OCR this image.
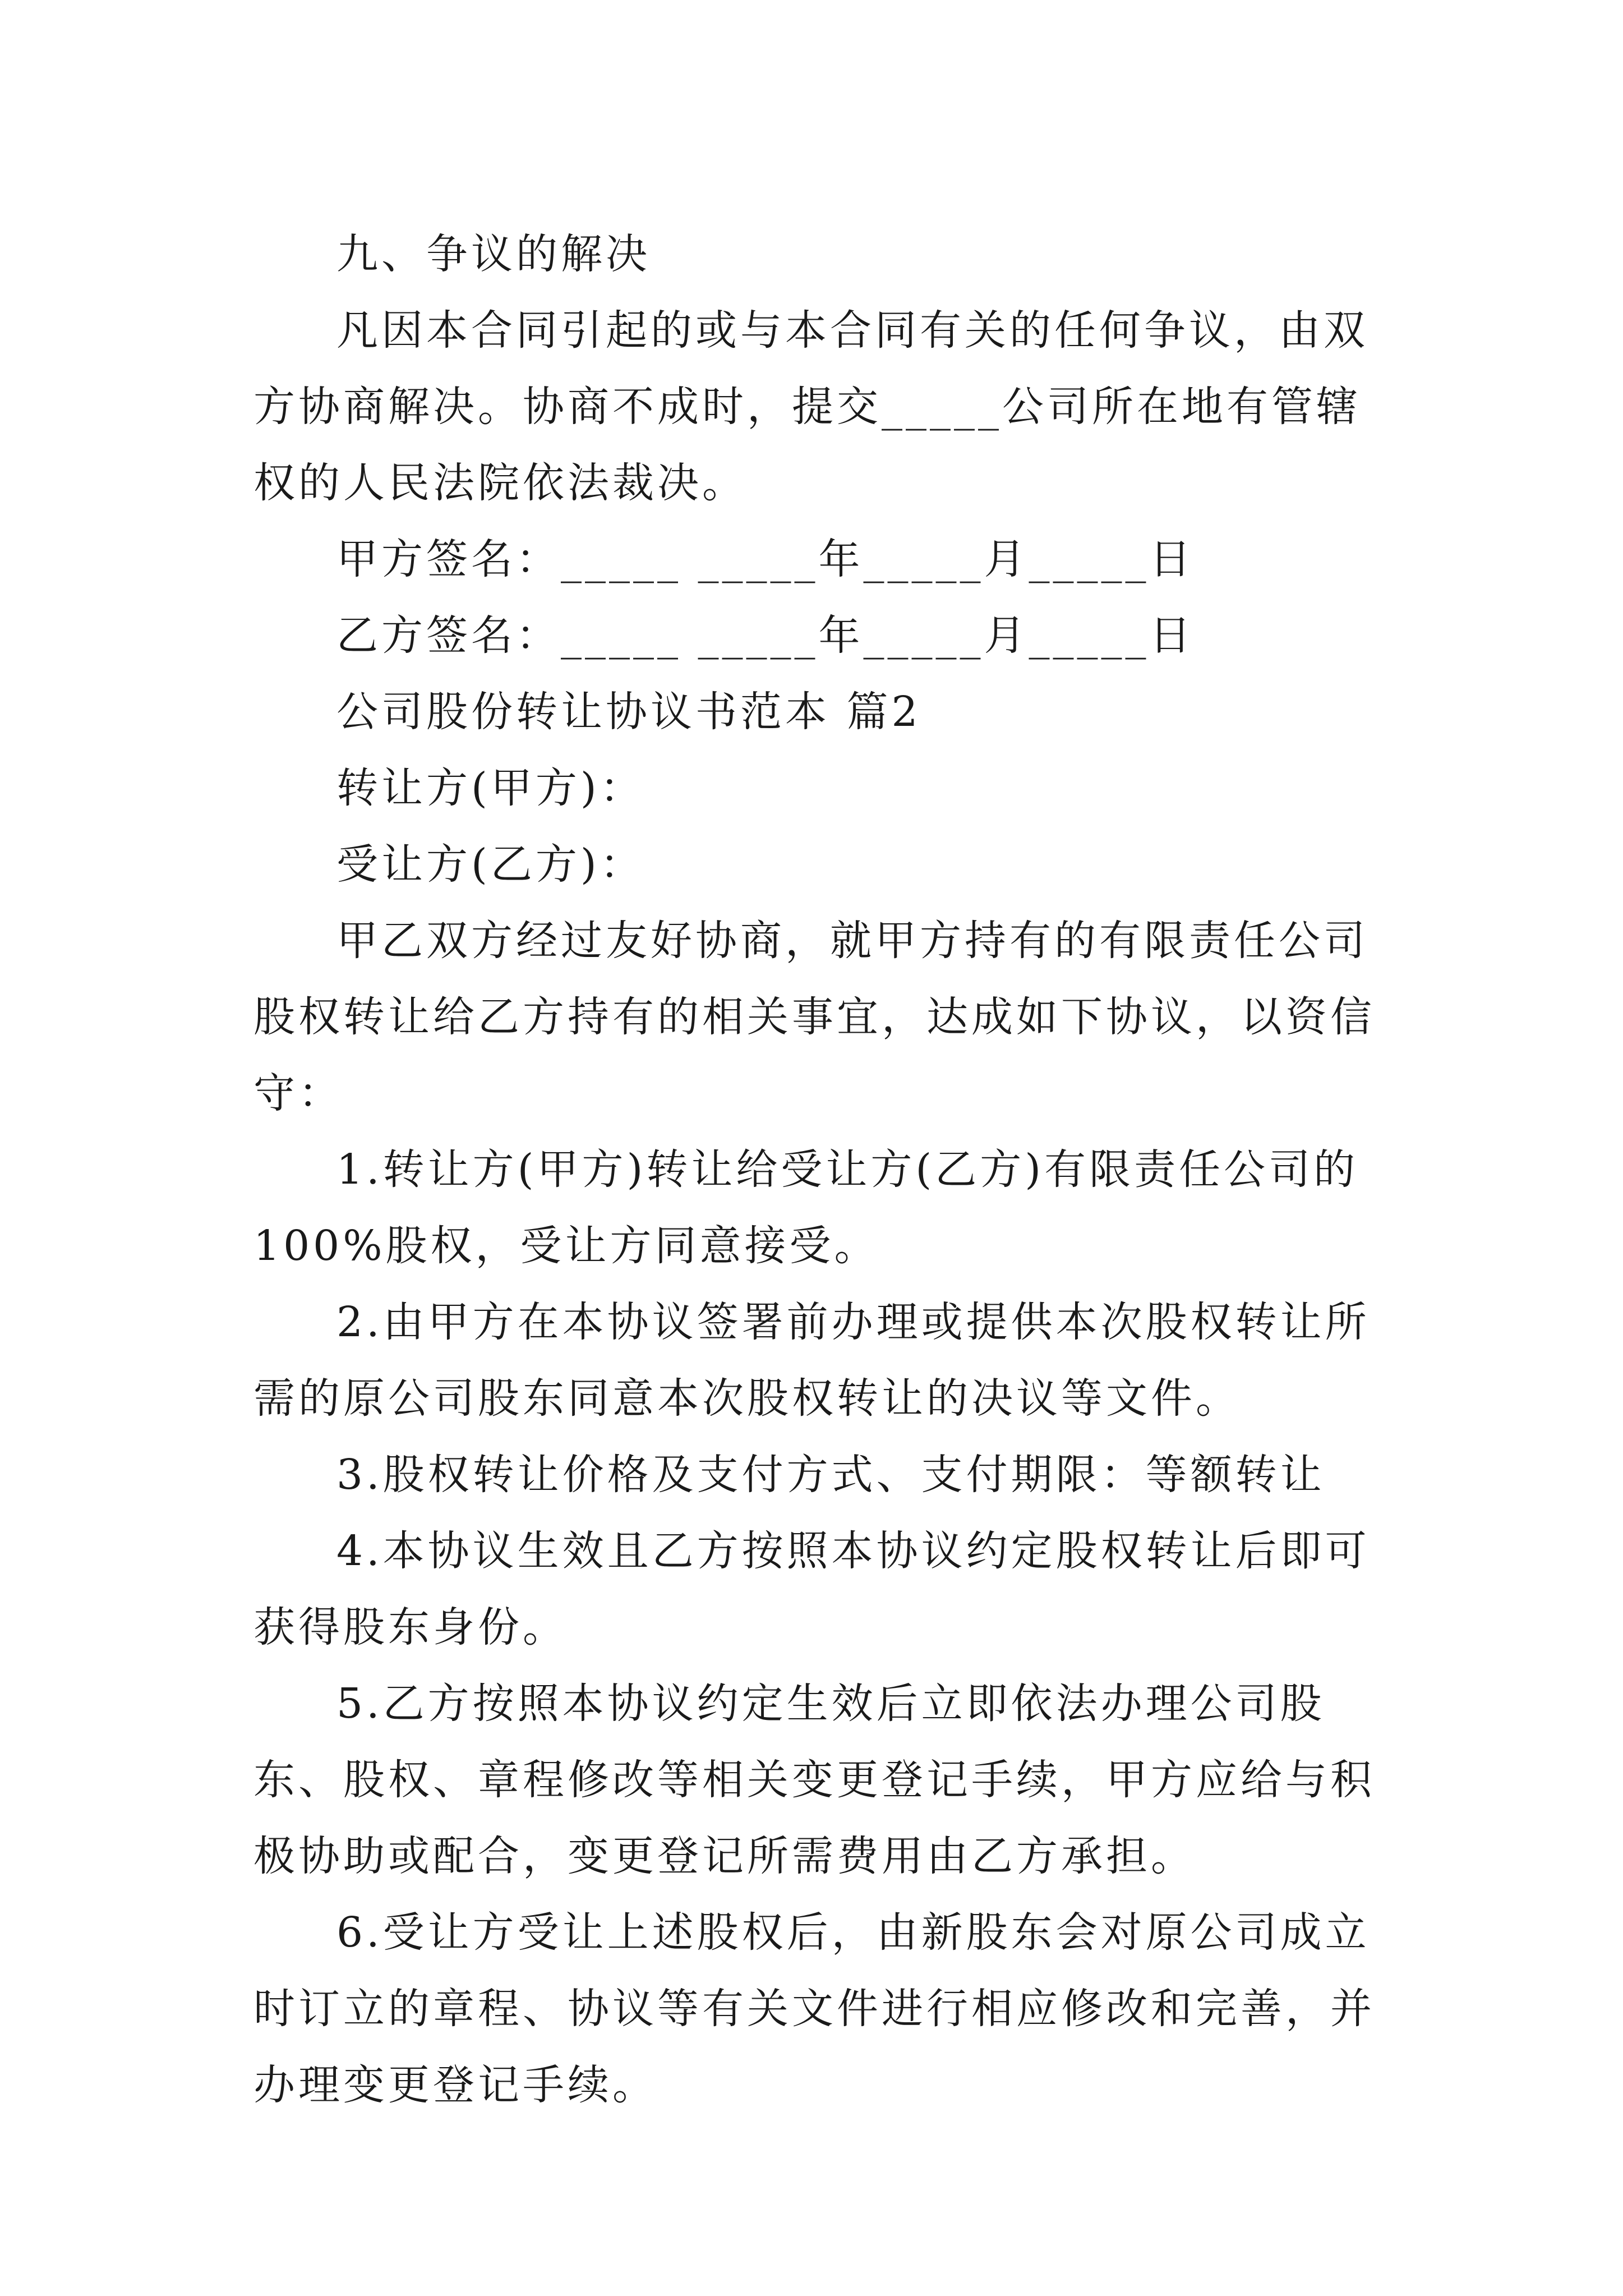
九、争议的解决

凡因本合同引起的或与本合同有关的任何争议，由双方协商解决。协商不成时，提交_____公司所在地有管辖权的人民法院依法裁决。

甲方签名：_____ _____年_____月_____日

乙方签名：_____ _____年_____月_____日

公司股份转让协议书范本 篇2

转让方(甲方)：

受让方(乙方)：

甲乙双方经过友好协商，就甲方持有的有限责任公司股权转让给乙方持有的相关事宜，达成如下协议，以资信守：

1.转让方(甲方)转让给受让方(乙方)有限责任公司的100%股权，受让方同意接受。

2.由甲方在本协议签署前办理或提供本次股权转让所需的原公司股东同意本次股权转让的决议等文件。

3.股权转让价格及支付方式、支付期限：等额转让

4.本协议生效且乙方按照本协议约定股权转让后即可获得股东身份。

5.乙方按照本协议约定生效后立即依法办理公司股东、股权、章程修改等相关变更登记手续，甲方应给与积极协助或配合，变更登记所需费用由乙方承担。

6.受让方受让上述股权后，由新股东会对原公司成立时订立的章程、协议等有关文件进行相应修改和完善，并办理变更登记手续。
